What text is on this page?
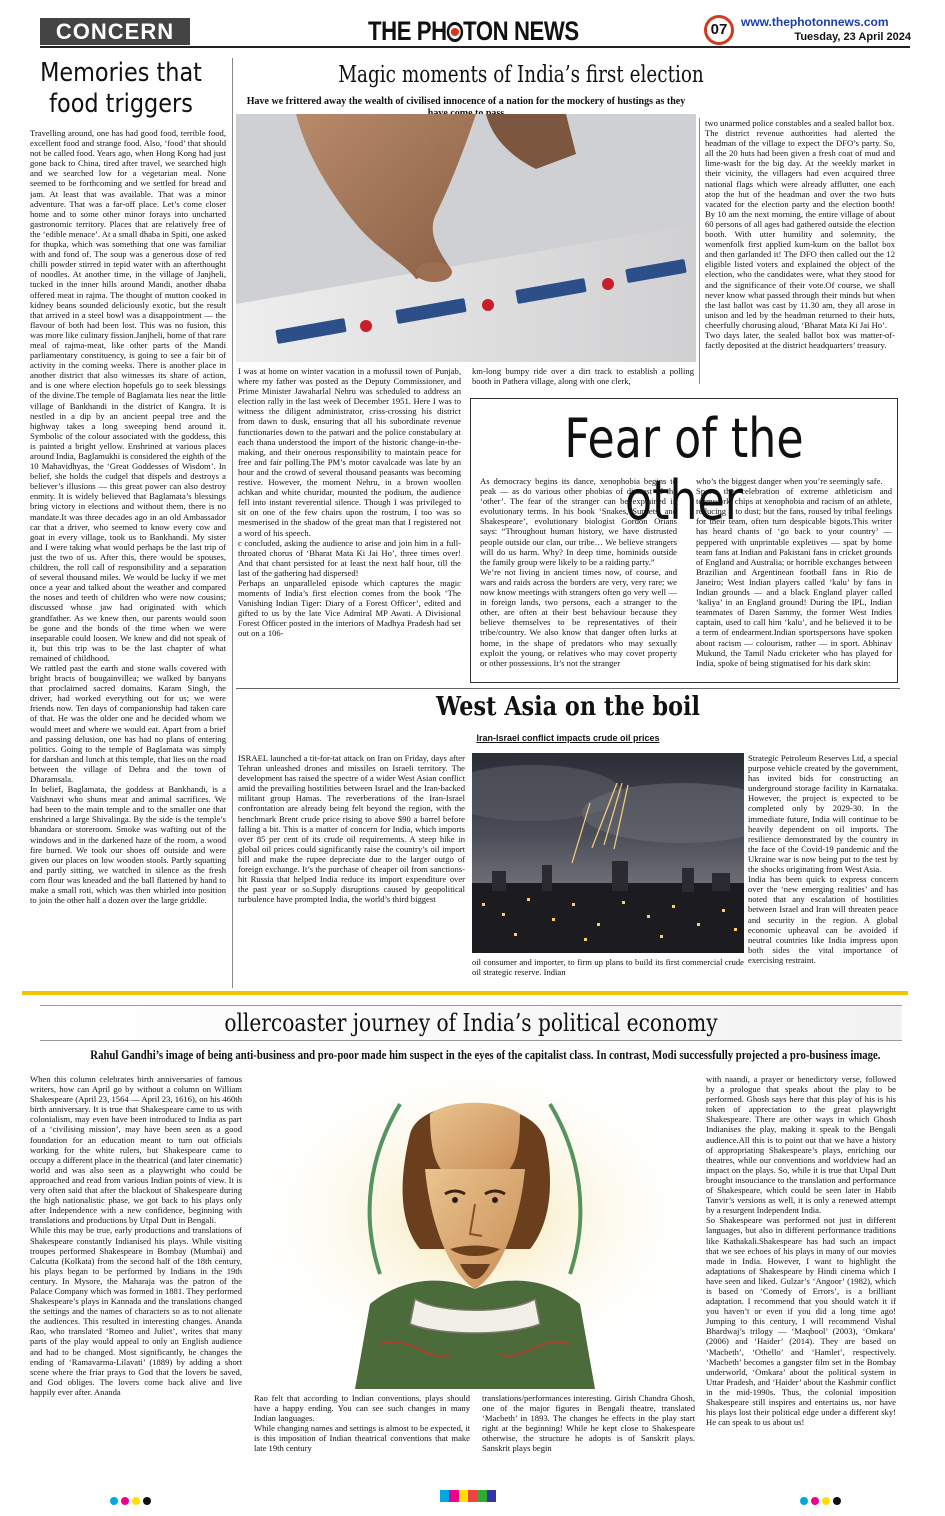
CONCERN	THE PH TON NEWS	07	www.thephotonnews.com
Tuesday, 23 April 2024
Memories that
food triggers

Travelling around, one has had good food, terrible food, excellent food and strange food. Also, ‘food’ that should not be called food. Years ago, when Hong Kong had just gone back to China, tired after travel, we searched high and we searched low for a vegetarian meal. None seemed to be forthcoming and we settled for bread and jam. At least that was available. That was a minor adventure. That was a far-off place. Let’s come closer home and to some other minor forays into uncharted gastronomic territory. Places that are relatively free of the ‘edible menace’. At a small dhaba in Spiti, one asked for thupka, which was something that one was familiar with and fond of. The soup was a generous dose of red chilli powder stirred in tepid water with an afterthought of noodles. At another time, in the village of Janjheli, tucked in the inner hills around Mandi, another dhaba offered meat in rajma. The thought of mutton cooked in kidney beans sounded deliciously exotic, but the result that arrived in a steel bowl was a disappointment — the flavour of both had been lost. This was no fusion, this was more like culinary fission.Janjheli, home of that rare meal of rajma-meat, like other parts of the Mandi parliamentary constituency, is going to see a fair bit of activity in the coming weeks. There is another place in another district that also witnesses its share of action, and is one where election hopefuls go to seek blessings of the divine.The temple of Baglamata lies near the little village of Bankhandi in the district of Kangra. It is nestled in a dip by an ancient peepal tree and the highway takes a long sweeping bend around it. Symbolic of the colour associated with the goddess, this is painted a bright yellow. Enshrined at various places around India, Baglamukhi is considered the eighth of the 10 Mahavidhyas, the ‘Great Goddesses of Wisdom’. In belief, she holds the cudgel that dispels and destroys a believer’s illusions — this great power can also destroy enmity. It is widely believed that Baglamata’s blessings bring victory in elections and without them, there is no mandate.It was three decades ago in an old Ambassador car that a driver, who seemed to know every cow and goat in every village, took us to Bankhandi. My sister and I were taking what would perhaps be the last trip of just the two of us. After this, there would be spouses, children, the roll call of responsibility and a separation of several thousand miles. We would be lucky if we met once a year and talked about the weather and compared the noses and teeth of children who were now cousins; discussed whose jaw had originated with which grandfather. As we knew then, our parents would soon be gone and the bonds of the time when we were inseparable could loosen. We knew and did not speak of it, but this trip was to be the last chapter of what remained of childhood.

We rattled past the earth and stone walls covered with bright bracts of bougainvillea; we walked by banyans that proclaimed sacred domains. Karam Singh, the driver, had worked everything out for us; we were friends now. Ten days of companionship had taken care of that. He was the older one and he decided whom we would meet and where we would eat. Apart from a brief and passing delusion, one has had no plans of entering politics. Going to the temple of Baglamata was simply for darshan and lunch at this temple, that lies on the road between the village of Dehra and the town of Dharamsala.

In belief, Baglamata, the goddess at Bankhandi, is a Vaishnavi who shuns meat and animal sacrifices. We had been to the main temple and to the smaller one that enshrined a large Shivalinga. By the side is the temple’s bhandara or storeroom. Smoke was wafting out of the windows and in the darkened haze of the room, a wood fire burned. We took our shoes off outside and were given our places on low wooden stools. Partly squatting and partly sitting, we watched in silence as the fresh corn flour was kneaded and the ball flattened by hand to make a small roti, which was then whirled into position to join the other half a dozen over the large griddle.

Magic moments of India’s first election
Have we frittered away the wealth of civilised innocence of a nation for the mockery of hustings as they

I was at home on winter vacation in a mofussil town of Punjab, where my father was posted as the Deputy Commissioner, and Prime Minister Jawaharlal Nehru was scheduled to address an election rally in the last week of December 1951. Here I was to witness the diligent administrator, criss-crossing his district from dawn to dusk, ensuring that all his subordinate revenue functionaries down to the patwari and the police constabulary at each thana understood the import of the historic change-in-the-making, and their onerous responsibility to maintain peace for free and fair polling.The PM’s motor cavalcade was late by an hour and the crowd of several thousand peasants was becoming restive. However, the moment Nehru, in a brown woollen achkan and white churidar, mounted the podium, the audience fell into instant reverential silence. Though I was privileged to sit on one of the few chairs upon the rostrum, I too was so mesmerised in the shadow of the great man that I registered not a word of his speech.

c concluded, asking the audience to arise and join him in a full-throated chorus of ‘Bharat Mata Ki Jai Ho’, three times over! And that chant persisted for at least the next half hour, till the last of the gathering had dispersed!

Perhaps an unparalleled episode which captures the magic moments of India’s first election comes from the book ‘The Vanishing Indian Tiger: Diary of a Forest Officer’, edited and gifted to us by the late Vice Admiral MP Awati. A Divisional Forest Officer posted in the interiors of Madhya Pradesh had set out on a 106-

km-long bumpy ride over a dirt track to establish a polling booth in Pathera village, along with one clerk,

two unarmed police constables and a sealed ballot box.

The district revenue authorities had alerted the headman of the village to expect the DFO’s party. So, all the 20 huts had been given a fresh coat of mud and lime-wash for the big day. At the weekly market in their vicinity, the villagers had even acquired three national flags which were already afflutter, one each atop the hut of the headman and over the two huts vacated for the election party and the election booth! By 10 am the next morning, the entire village of about 60 persons of all ages had gathered outside the election booth. With utter humility and solemnity, the womenfolk first applied kum-kum on the ballot box and then garlanded it! The DFO then called out the 12 eligible listed voters and explained the object of the election, who the candidates were, what they stood for and the significance of their vote.Of course, we shall never know what passed through their minds but when the last ballot was cast by 11.30 am, they all arose in unison and led by the headman returned to their huts, cheerfully chorusing aloud, ‘Bharat Mata Ki Jai Ho’.

Two days later, the sealed ballot box was matter-of-factly deposited at the district headquarters’ treasury.

Fear of the other

As democracy begins its dance, xenophobia begins to peak — as do various other phobias of distrust of the ‘other’. The fear of the stranger can be explained in evolutionary terms. In his book ‘Snakes, Sunsets, and Shakespeare’, evolutionary biologist Gordon Orians says: “Throughout human history, we have distrusted people outside our clan, our tribe… We believe strangers will do us harm. Why? In deep time, hominids outside the family group were likely to be a raiding party.”

We’re not living in ancient times now, of course, and wars and raids across the borders are very, very rare; we now know meetings with strangers often go very well — in foreign lands, two persons, each a stranger to the other, are often at their best behaviour because they believe themselves to be representatives of their tribe/country. We also know that danger often lurks at home, in the shape of predators who may sexually exploit the young, or relatives who may covet property or other possessions. It’s not the stranger

who’s the biggest danger when you’re seemingly safe.

Sport, the celebration of extreme athleticism and teamwork, chips at xenophobia and racism of an athlete, reducing it to dust; but the fans, roused by tribal feelings for their team, often turn despicable bigots.This writer has heard chants of ‘go back to your country’ — peppered with unprintable expletives — spat by home team fans at Indian and Pakistani fans in cricket grounds of England and Australia; or horrible exchanges between Brazilian and Argentinean football fans in Rio de Janeiro; West Indian players called ‘kalu’ by fans in Indian grounds — and a black England player called ‘kaliya’ in an England ground! During the IPL, Indian teammates of Daren Sammy, the former West Indies captain, used to call him ‘kalu’, and he believed it to be a term of endearment.Indian sportspersons have spoken about racism — colourism, rather — in sport. Abhinav Mukund, the Tamil Nadu cricketer who has played for India, spoke of being stigmatised for his dark skin:

West Asia on the boil
Iran-Israel conflict impacts crude oil prices

ISRAEL launched a tit-for-tat attack on Iran on Friday, days after Tehran unleashed drones and missiles on Israeli territory. The development has raised the spectre of a wider West Asian conflict amid the prevailing hostilities between Israel and the Iran-backed militant group Hamas. The reverberations of the Iran-Israel confrontation are already being felt beyond the region, with the benchmark Brent crude price rising to above $90 a barrel before falling a bit. This is a matter of concern for India, which imports over 85 per cent of its crude oil requirements. A steep hike in global oil prices could significantly raise the country’s oil import bill and make the rupee depreciate due to the larger outgo of foreign exchange. It’s the purchase of cheaper oil from sanctions-hit Russia that helped India reduce its import expenditure over the past year or so.Supply disruptions caused by geopolitical turbulence have prompted India, the world’s third biggest

oil consumer and importer, to firm up plans to build its first commercial crude oil strategic reserve. Indian

Strategic Petroleum Reserves Ltd, a special purpose vehicle created by the government, has invited bids for constructing an underground storage facility in Karnataka. However, the project is expected to be completed only by 2029-30. In the immediate future, India will continue to be heavily dependent on oil imports. The resilience demonstrated by the country in the face of the Covid-19 pandemic and the Ukraine war is now being put to the test by the shocks originating from West Asia.

India has been quick to express concern over the ‘new emerging realities’ and has noted that any escalation of hostilities between Israel and Iran will threaten peace and security in the region. A global economic upheaval can be avoided if neutral countries like India impress upon both sides the vital importance of exercising restraint.

ollercoaster journey of India’s political economy
Rahul Gandhi’s image of being anti-business and pro-poor made him suspect in the eyes of the capitalist class. In contrast, Modi successfully projected a pro-business image.

When this column celebrates birth anniversaries of famous writers, how can April go by without a column on William Shakespeare (April 23, 1564 — April 23, 1616), on his 460th birth anniversary. It is true that Shakespeare came to us with colonialism, may even have been introduced to India as part of a ‘civilising mission’, may have been seen as a good foundation for an education meant to turn out officials working for the white rulers, but Shakespeare came to occupy a different place in the theatrical (and later cinematic) world and was also seen as a playwright who could be approached and read from various Indian points of view. It is very often said that after the blackout of Shakespeare during the high nationalistic phase, we got back to his plays only after Independence with a new confidence, beginning with translations and productions by Utpal Dutt in Bengali.

While this may be true, early productions and translations of Shakespeare constantly Indianised his plays. While visiting troupes performed Shakespeare in Bombay (Mumbai) and Calcutta (Kolkata) from the second half of the 18th century, his plays began to be performed by Indians in the 19th century. In Mysore, the Maharaja was the patron of the Palace Company which was formed in 1881. They performed Shakespeare’s plays in Kannada and the translations changed the settings and the names of characters so as to not alienate the audiences. This resulted in interesting changes. Ananda Rao, who translated ‘Romeo and Juliet’, writes that many parts of the play would appeal to only an English audience and had to be changed. Most significantly, he changes the ending of ‘Ramavarma-Lilavati’ (1889) by adding a short scene where the friar prays to God that the lovers be saved, and God obliges. The lovers come back alive and live happily ever after. Ananda

Rao felt that according to Indian conventions, plays should have a happy ending. You can see such changes in many Indian languages.

While changing names and settings is almost to be expected, it is this imposition of Indian theatrical conventions that make late 19th century

translations/performances interesting. Girish Chandra Ghosh, one of the major figures in Bengali theatre, translated ‘Macbeth’ in 1893. The changes he effects in the play start right at the beginning! While he kept close to Shakespeare otherwise, the structure he adopts is of Sanskrit plays. Sanskrit plays begin

with naandi, a prayer or benedictory verse, followed by a prologue that speaks about the play to be performed. Ghosh says here that this play of his is his token of appreciation to the great playwright Shakespeare. There are other ways in which Ghosh Indianises the play, making it speak to the Bengali audience.All this is to point out that we have a history of appropriating Shakespeare’s plays, enriching our theatres, while our conventions and worldview had an impact on the plays. So, while it is true that Utpal Dutt brought insouciance to the translation and performance of Shakespeare, which could be seen later in Habib Tanvir’s versions as well, it is only a renewed attempt by a resurgent Independent India.

So Shakespeare was performed not just in different languages, but also in different performance traditions like Kathakali.Shakespeare has had such an impact that we see echoes of his plays in many of our movies made in India. However, I want to highlight the adaptations of Shakespeare by Hindi cinema which I have seen and liked. Gulzar’s ‘Angoor’ (1982), which is based on ‘Comedy of Errors’, is a brilliant adaptation. I recommend that you should watch it if you haven’t or even if you did a long time ago! Jumping to this century, I will recommend Vishal Bhardwaj’s trilogy — ‘Maqbool’ (2003), ‘Omkara’ (2006) and ‘Haider’ (2014). They are based on ‘Macbeth’, ‘Othello’ and ‘Hamlet’, respectively. ‘Macbeth’ becomes a gangster film set in the Bombay underworld, ‘Omkara’ about the political system in Uttar Pradesh, and ‘Haider’ about the Kashmir conflict in the mid-1990s. Thus, the colonial imposition Shakespeare still inspires and entertains us, nor have his plays lost their political edge under a different sky! He can speak to us about us!
